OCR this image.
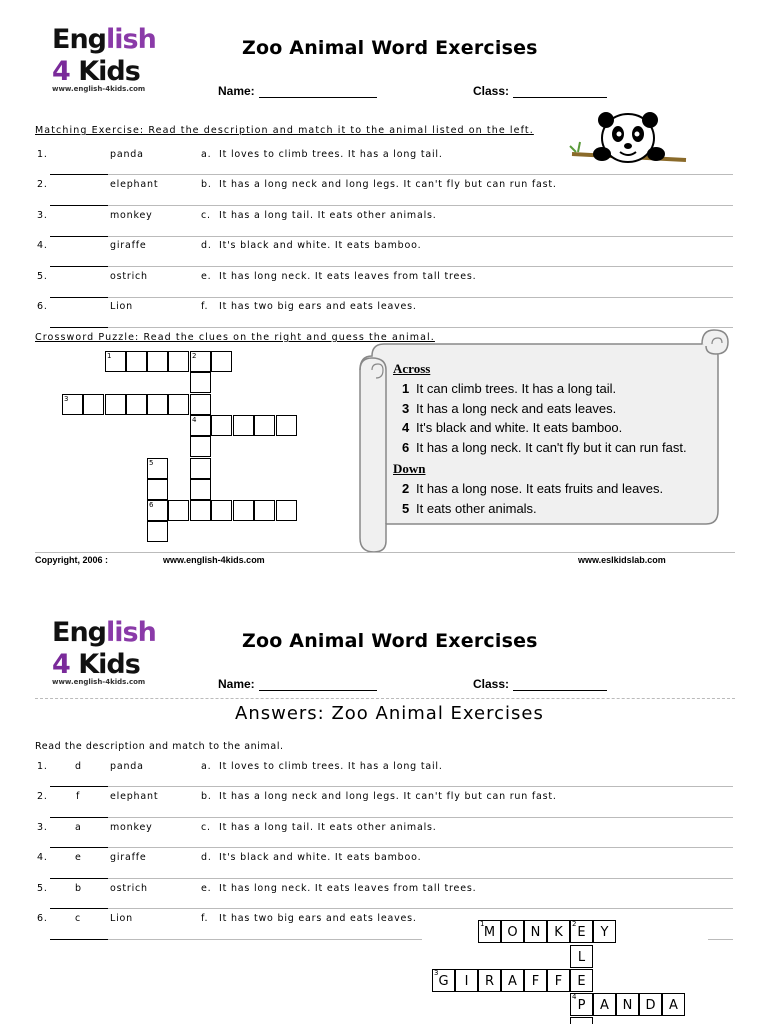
English
4 Kids
www.english-4kids.com
Zoo Animal Word Exercises
Name:	Class:
Matching Exercise: Read the description and match it to the animal listed on the left.
1.	panda	a. It loves to climb trees. It has a long tail.
2.	elephant	b. It has a long neck and long legs. It can't fly but can run fast.
3.	monkey	c. It has a long tail. It eats other animals.
4.	giraffe	d. It's black and white. It eats bamboo.
5.	ostrich	e. It has long neck. It eats leaves from tall trees.
6.	Lion	f. It has two big ears and eats leaves.
Crossword Puzzle: Read the clues on the right and guess the animal.
1	2
3
4
5
6
Across
1 It can climb trees. It has a long tail.
3 It has a long neck and eats leaves.
4 It's black and white. It eats bamboo.
6 It has a long neck. It can't fly but it can run fast.
Down
2 It has a long nose. It eats fruits and leaves.
5 It eats other animals.
Copyright, 2006 :	www.english-4kids.com	www.eslkidslab.com
English
4 Kids
www.english-4kids.com
Zoo Animal Word Exercises
Name:	Class:
Answers: Zoo Animal Exercises
Read the description and match to the animal.
1.	d	panda	a. It loves to climb trees. It has a long tail.
2.	f	elephant	b. It has a long neck and long legs. It can't fly but can run fast.
3.	a	monkey	c. It has a long tail. It eats other animals.
4.	e	giraffe	d. It's black and white. It eats bamboo.
5.	b	ostrich	e. It has long neck. It eats leaves from tall trees.
6.	c	Lion	f. It has two big ears and eats leaves.	1
M O	N	K
2
E	Y
L
3
G	I	R	A	F	F	E
4
P	A	N	D	A
